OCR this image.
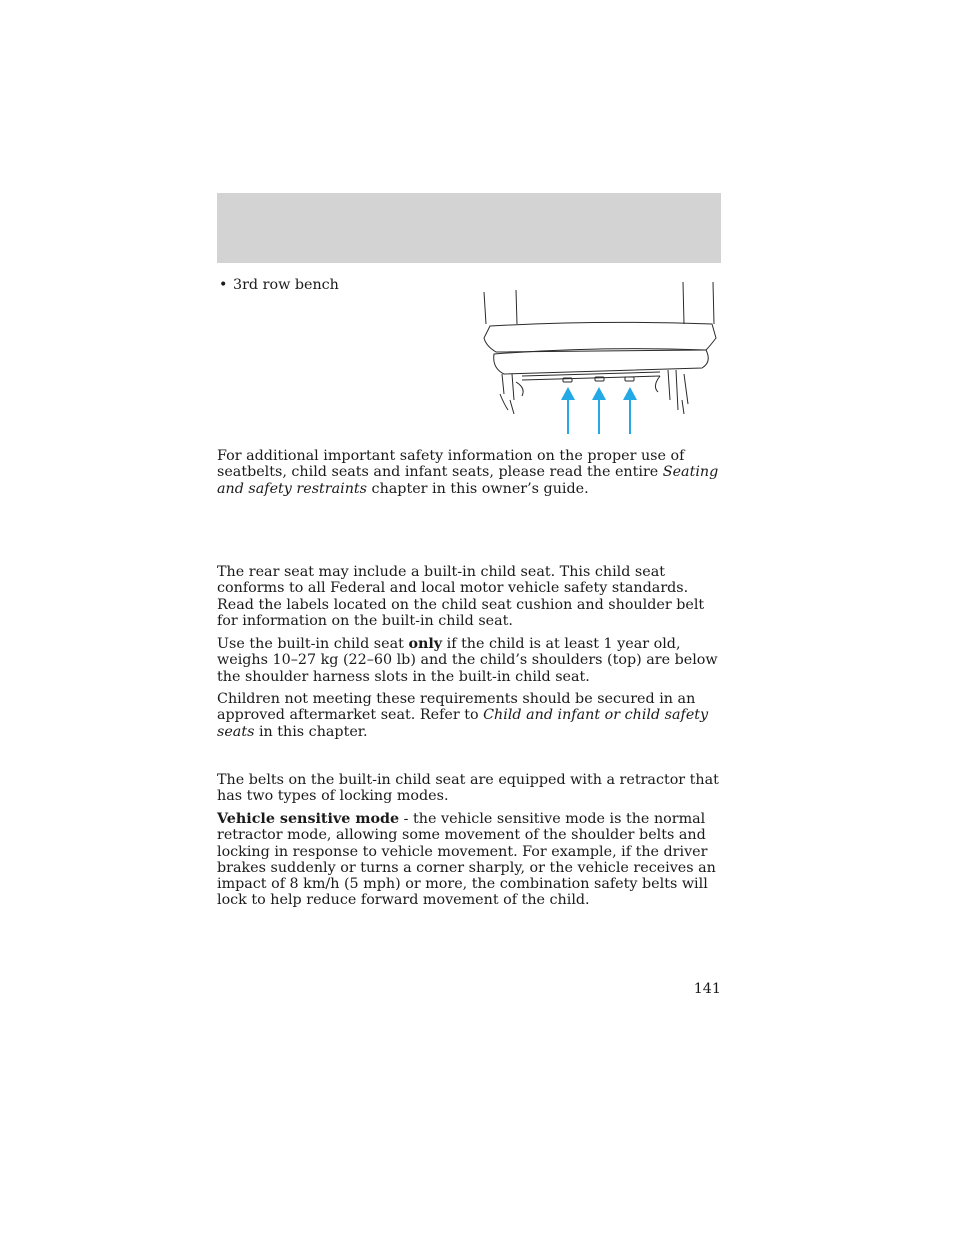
• 3rd row bench

For additional important safety information on the proper use of seatbelts, child seats and infant seats, please read the entire Seating and safety restraints chapter in this owner’s guide.

The rear seat may include a built-in child seat. This child seat conforms to all Federal and local motor vehicle safety standards. Read the labels located on the child seat cushion and shoulder belt for information on the built-in child seat.

Use the built-in child seat only if the child is at least 1 year old, weighs 10–27 kg (22–60 lb) and the child’s shoulders (top) are below the shoulder harness slots in the built-in child seat.

Children not meeting these requirements should be secured in an approved aftermarket seat. Refer to Child and infant or child safety seats in this chapter.

The belts on the built-in child seat are equipped with a retractor that has two types of locking modes.

Vehicle sensitive mode - the vehicle sensitive mode is the normal retractor mode, allowing some movement of the shoulder belts and locking in response to vehicle movement. For example, if the driver brakes suddenly or turns a corner sharply, or the vehicle receives an impact of 8 km/h (5 mph) or more, the combination safety belts will lock to help reduce forward movement of the child.

141
